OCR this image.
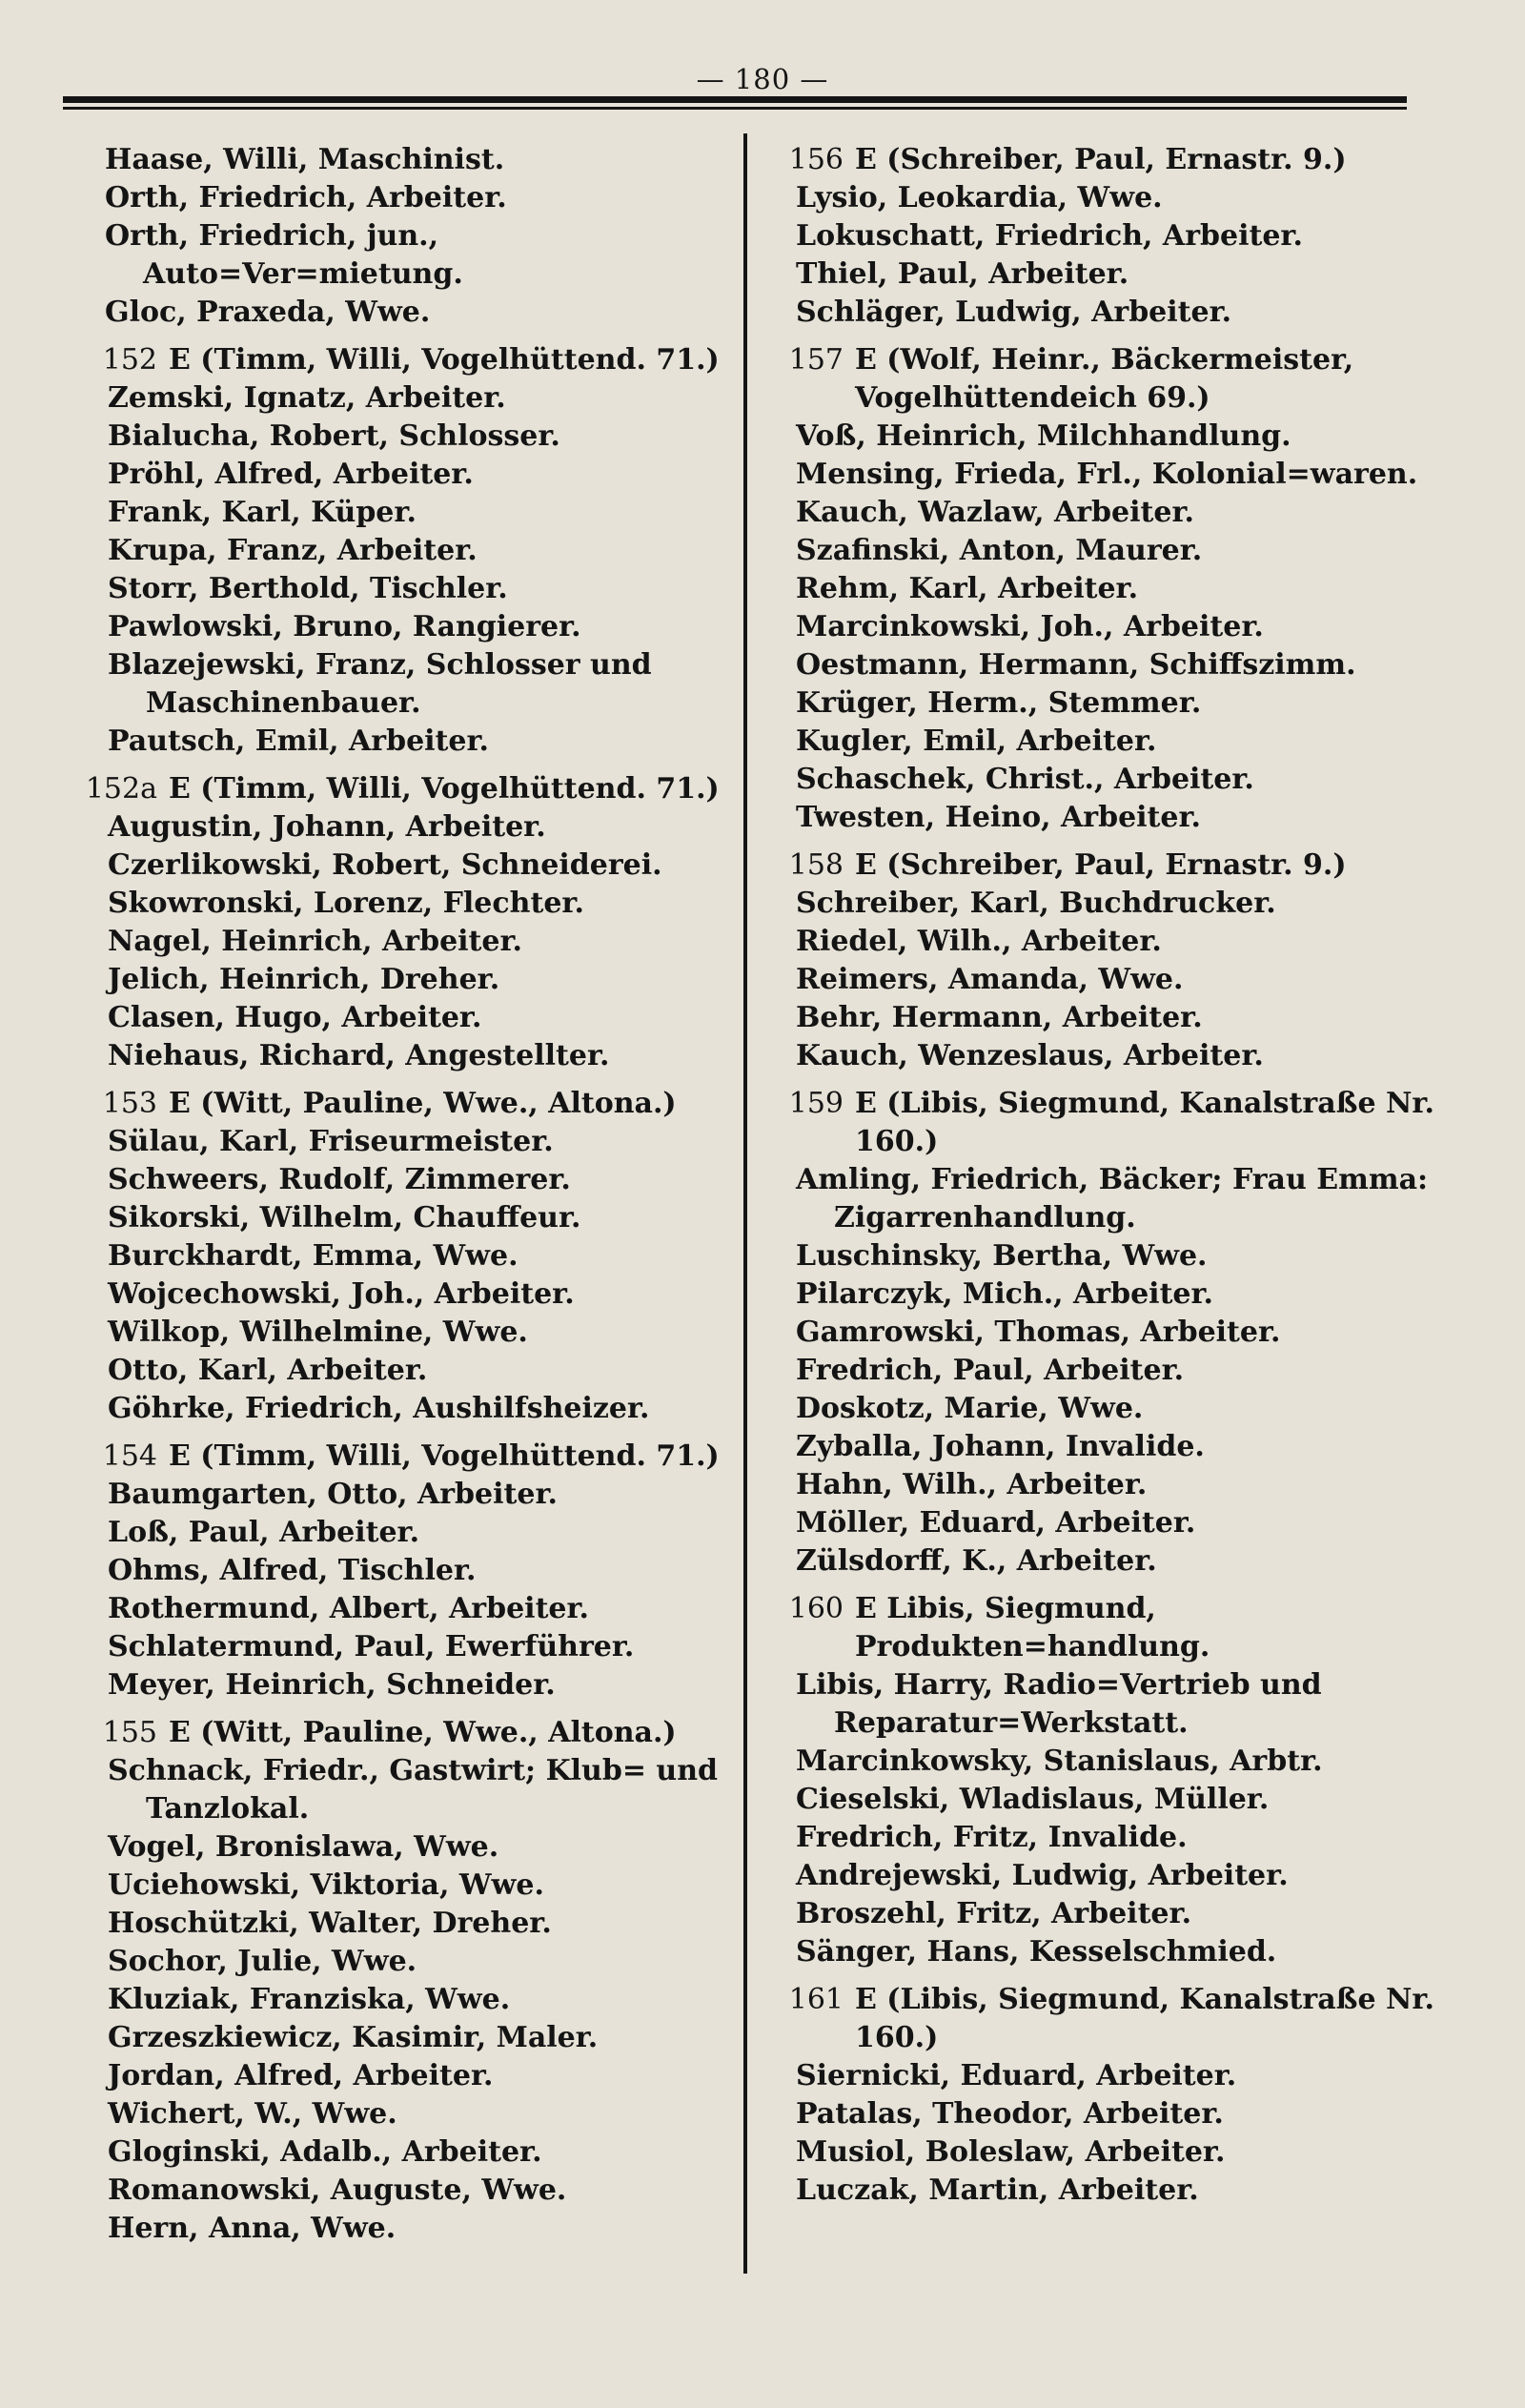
— 180 —
Haase, Willi, Maschinist.
Orth, Friedrich, Arbeiter.
Orth, Friedrich, jun., Auto=Ver=mietung.
Gloc, Praxeda, Wwe.
152 E (Timm, Willi, Vogelhüttend. 71.)
Zemski, Ignatz, Arbeiter.
Bialucha, Robert, Schlosser.
Pröhl, Alfred, Arbeiter.
Frank, Karl, Küper.
Krupa, Franz, Arbeiter.
Storr, Berthold, Tischler.
Pawlowski, Bruno, Rangierer.
Blazejewski, Franz, Schlosser und Maschinenbauer.
Pautsch, Emil, Arbeiter.
152a E (Timm, Willi, Vogelhüttend. 71.)
Augustin, Johann, Arbeiter.
Czerlikowski, Robert, Schneiderei.
Skowronski, Lorenz, Flechter.
Nagel, Heinrich, Arbeiter.
Jelich, Heinrich, Dreher.
Clasen, Hugo, Arbeiter.
Niehaus, Richard, Angestellter.
153 E (Witt, Pauline, Wwe., Altona.)
Sülau, Karl, Friseurmeister.
Schweers, Rudolf, Zimmerer.
Sikorski, Wilhelm, Chauffeur.
Burckhardt, Emma, Wwe.
Wojcechowski, Joh., Arbeiter.
Wilkop, Wilhelmine, Wwe.
Otto, Karl, Arbeiter.
Göhrke, Friedrich, Aushilfsheizer.
154 E (Timm, Willi, Vogelhüttend. 71.)
Baumgarten, Otto, Arbeiter.
Loß, Paul, Arbeiter.
Ohms, Alfred, Tischler.
Rothermund, Albert, Arbeiter.
Schlatermund, Paul, Ewerführer.
Meyer, Heinrich, Schneider.
155 E (Witt, Pauline, Wwe., Altona.)
Schnack, Friedr., Gastwirt; Klub= und Tanzlokal.
Vogel, Bronislawa, Wwe.
Uciehowski, Viktoria, Wwe.
Hoschützki, Walter, Dreher.
Sochor, Julie, Wwe.
Kluziak, Franziska, Wwe.
Grzeszkiewicz, Kasimir, Maler.
Jordan, Alfred, Arbeiter.
Wichert, W., Wwe.
Gloginski, Adalb., Arbeiter.
Romanowski, Auguste, Wwe.
Hern, Anna, Wwe.
156 E (Schreiber, Paul, Ernastr. 9.)
Lysio, Leokardia, Wwe.
Lokuschatt, Friedrich, Arbeiter.
Thiel, Paul, Arbeiter.
Schläger, Ludwig, Arbeiter.
157 E (Wolf, Heinr., Bäckermeister, Vogelhüttendeich 69.)
Voß, Heinrich, Milchhandlung.
Mensing, Frieda, Frl., Kolonial=waren.
Kauch, Wazlaw, Arbeiter.
Szafinski, Anton, Maurer.
Rehm, Karl, Arbeiter.
Marcinkowski, Joh., Arbeiter.
Oestmann, Hermann, Schiffszimm.
Krüger, Herm., Stemmer.
Kugler, Emil, Arbeiter.
Schaschek, Christ., Arbeiter.
Twesten, Heino, Arbeiter.
158 E (Schreiber, Paul, Ernastr. 9.)
Schreiber, Karl, Buchdrucker.
Riedel, Wilh., Arbeiter.
Reimers, Amanda, Wwe.
Behr, Hermann, Arbeiter.
Kauch, Wenzeslaus, Arbeiter.
159 E (Libis, Siegmund, Kanalstraße Nr. 160.)
Amling, Friedrich, Bäcker; Frau Emma: Zigarrenhandlung.
Luschinsky, Bertha, Wwe.
Pilarczyk, Mich., Arbeiter.
Gamrowski, Thomas, Arbeiter.
Fredrich, Paul, Arbeiter.
Doskotz, Marie, Wwe.
Zyballa, Johann, Invalide.
Hahn, Wilh., Arbeiter.
Möller, Eduard, Arbeiter.
Zülsdorff, K., Arbeiter.
160 E Libis, Siegmund, Produkten=handlung.
Libis, Harry, Radio=Vertrieb und Reparatur=Werkstatt.
Marcinkowsky, Stanislaus, Arbtr.
Cieselski, Wladislaus, Müller.
Fredrich, Fritz, Invalide.
Andrejewski, Ludwig, Arbeiter.
Broszehl, Fritz, Arbeiter.
Sänger, Hans, Kesselschmied.
161 E (Libis, Siegmund, Kanalstraße Nr. 160.)
Siernicki, Eduard, Arbeiter.
Patalas, Theodor, Arbeiter.
Musiol, Boleslaw, Arbeiter.
Luczak, Martin, Arbeiter.
